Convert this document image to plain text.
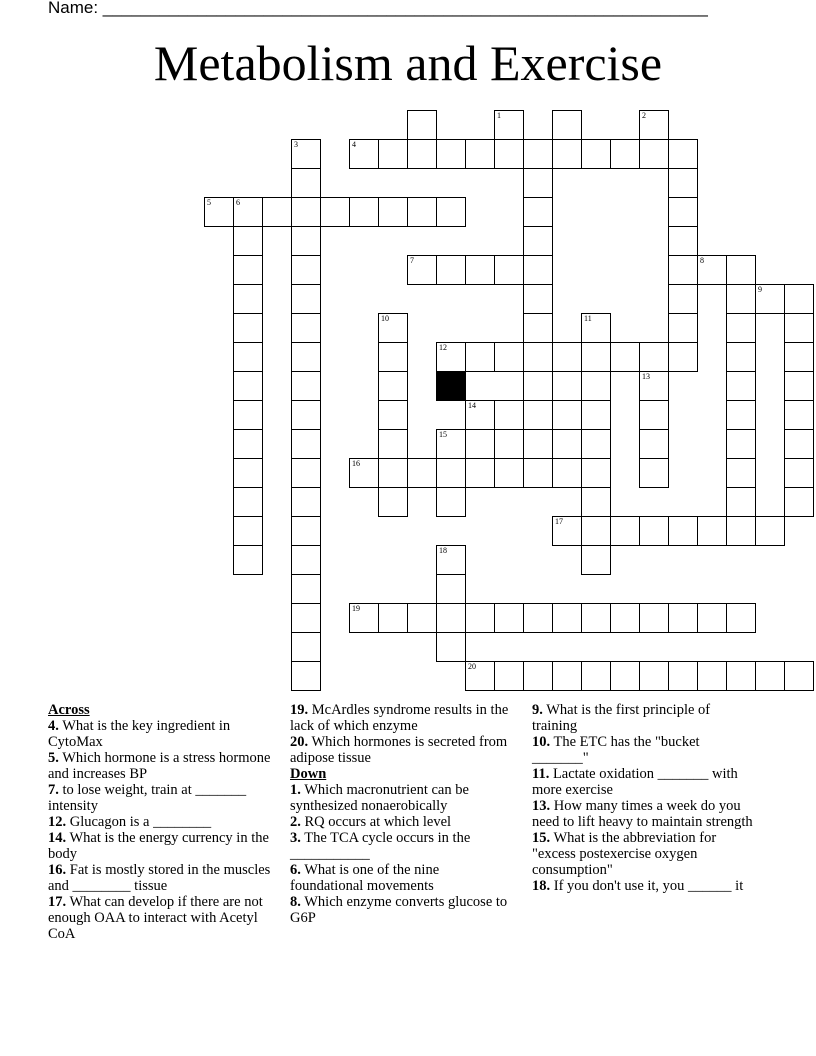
Name: ________________________________________________________________
Metabolism and Exercise
3	4
5	6
7
10	11
12
13
16
17
18
19
20
1	2
8
9
14
15

Across

4. What is the key ingredient in CytoMax

5. Which hormone is a stress hormone and increases BP

7. to lose weight, train at _______ intensity

12. Glucagon is a ________

14. What is the energy currency in the body

16. Fat is mostly stored in the muscles and ________ tissue

17. What can develop if there are not enough OAA to interact with Acetyl CoA

19. McArdles syndrome results in the lack of which enzyme

20. Which hormones is secreted from adipose tissue

Down

1. Which macronutrient can be synthesized nonaerobically

2. RQ occurs at which level

3. The TCA cycle occurs in the ___________

6. What is one of the nine foundational movements

8. Which enzyme converts glucose to G6P

9. What is the first principle of training

10. The ETC has the "bucket _______"

11. Lactate oxidation _______ with more exercise

13. How many times a week do you need to lift heavy to maintain strength

15. What is the abbreviation for "excess postexercise oxygen consumption"

18. If you don't use it, you ______ it
